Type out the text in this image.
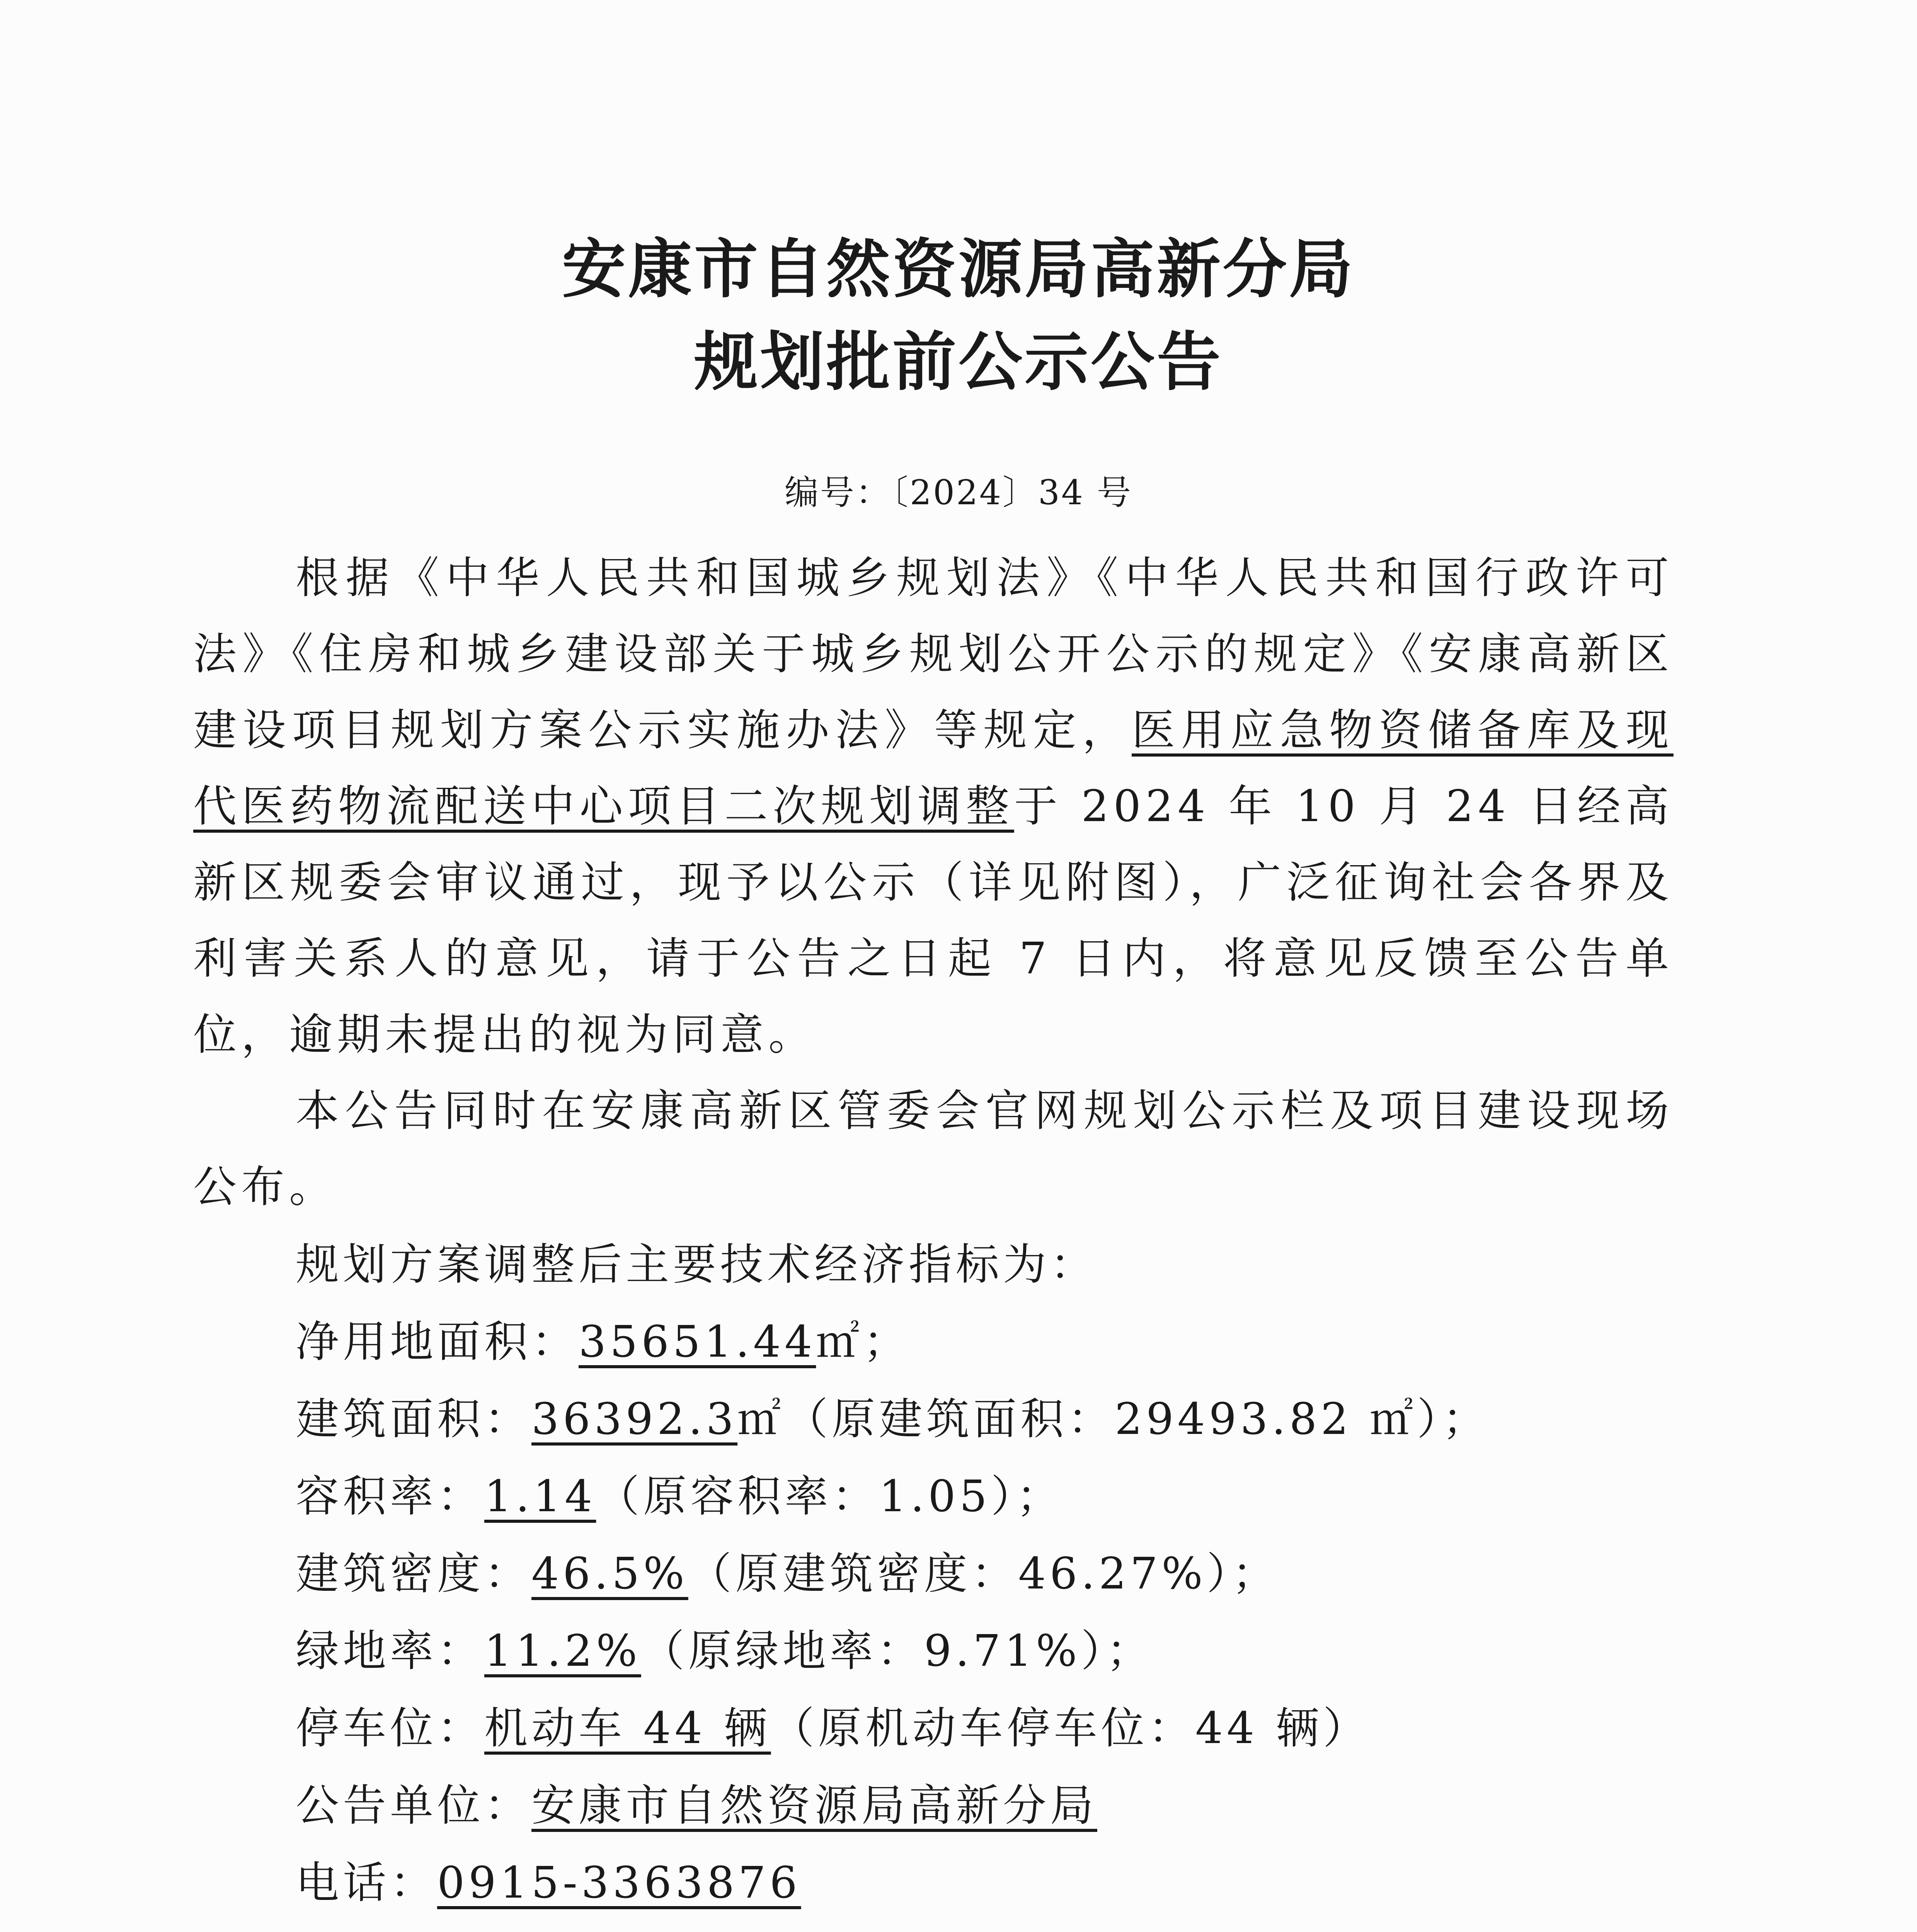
安康市自然资源局高新分局
规划批前公示公告
编号：〔2024〕34 号

根据《中华人民共和国城乡规划法》《中华人民共和国行政许可法》《住房和城乡建设部关于城乡规划公开公示的规定》《安康高新区建设项目规划方案公示实施办法》等规定，医用应急物资储备库及现代医药物流配送中心项目二次规划调整于 2024 年 10 月 24 日经高新区规委会审议通过，现予以公示（详见附图），广泛征询社会各界及利害关系人的意见，请于公告之日起 7 日内，将意见反馈至公告单位，逾期未提出的视为同意。

本公告同时在安康高新区管委会官网规划公示栏及项目建设现场公布。

规划方案调整后主要技术经济指标为：
净用地面积：35651.44㎡；
建筑面积：36392.3㎡（原建筑面积：29493.82 ㎡）；
容积率：1.14（原容积率：1.05）；
建筑密度：46.5%（原建筑密度：46.27%）；
绿地率：11.2%（原绿地率：9.71%）；
停车位：机动车 44 辆（原机动车停车位：44 辆）
公告单位：安康市自然资源局高新分局
电话：0915-3363876
